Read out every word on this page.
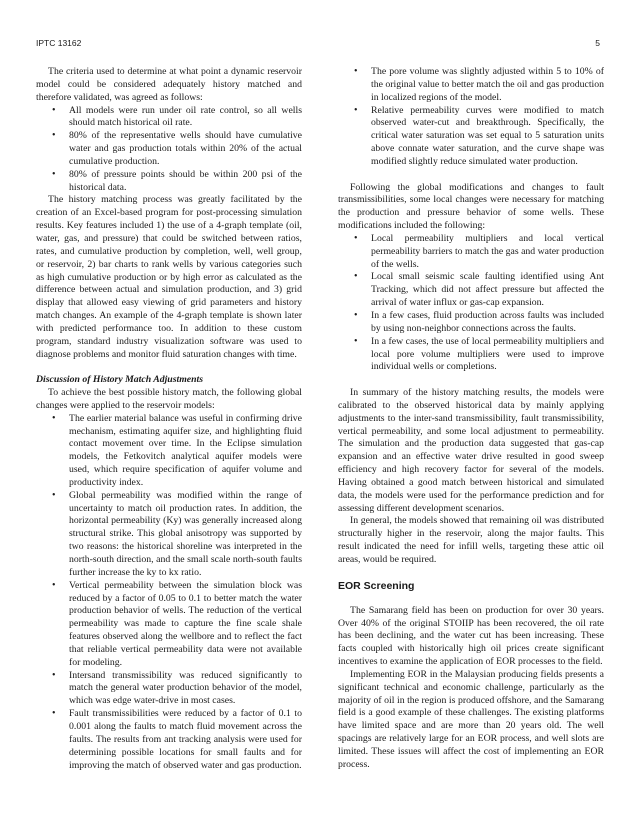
IPTC 13162	5

The criteria used to determine at what point a dynamic reservoir model could be considered adequately history matched and therefore validated, was agreed as follows:

• All models were run under oil rate control, so all wells should match historical oil rate.
• 80% of the representative wells should have cumulative water and gas production totals within 20% of the actual cumulative production.
• 80% of pressure points should be within 200 psi of the historical data.

The history matching process was greatly facilitated by the creation of an Excel-based program for post-processing simulation results. Key features included 1) the use of a 4-graph template (oil, water, gas, and pressure) that could be switched between ratios, rates, and cumulative production by completion, well, well group, or reservoir, 2) bar charts to rank wells by various categories such as high cumulative production or by high error as calculated as the difference between actual and simulation production, and 3) grid display that allowed easy viewing of grid parameters and history match changes. An example of the 4-graph template is shown later with predicted performance too. In addition to these custom program, standard industry visualization software was used to diagnose problems and monitor fluid saturation changes with time.

Discussion of History Match Adjustments

To achieve the best possible history match, the following global changes were applied to the reservoir models:

• The earlier material balance was useful in confirming drive mechanism, estimating aquifer size, and highlighting fluid contact movement over time. In the Eclipse simulation models, the Fetkovitch analytical aquifer models were used, which require specification of aquifer volume and productivity index.
• Global permeability was modified within the range of uncertainty to match oil production rates. In addition, the horizontal permeability (Ky) was generally increased along structural strike. This global anisotropy was supported by two reasons: the historical shoreline was interpreted in the north-south direction, and the small scale north-south faults further increase the ky to kx ratio.
• Vertical permeability between the simulation block was reduced by a factor of 0.05 to 0.1 to better match the water production behavior of wells. The reduction of the vertical permeability was made to capture the fine scale shale features observed along the wellbore and to reflect the fact that reliable vertical permeability data were not available for modeling.
• Intersand transmissibility was reduced significantly to match the general water production behavior of the model, which was edge water-drive in most cases.
• Fault transmissibilities were reduced by a factor of 0.1 to 0.001 along the faults to match fluid movement across the faults. The results from ant tracking analysis were used for determining possible locations for small faults and for improving the match of observed water and gas production.
• The pore volume was slightly adjusted within 5 to 10% of the original value to better match the oil and gas production in localized regions of the model.
• Relative permeability curves were modified to match observed water-cut and breakthrough. Specifically, the critical water saturation was set equal to 5 saturation units above connate water saturation, and the curve shape was modified slightly reduce simulated water production.

Following the global modifications and changes to fault transmissibilities, some local changes were necessary for matching the production and pressure behavior of some wells. These modifications included the following:

• Local permeability multipliers and local vertical permeability barriers to match the gas and water production of the wells.
• Local small seismic scale faulting identified using Ant Tracking, which did not affect pressure but affected the arrival of water influx or gas-cap expansion.
• In a few cases, fluid production across faults was included by using non-neighbor connections across the faults.
• In a few cases, the use of local permeability multipliers and local pore volume multipliers were used to improve individual wells or completions.

In summary of the history matching results, the models were calibrated to the observed historical data by mainly applying adjustments to the inter-sand transmissibility, fault transmissibility, vertical permeability, and some local adjustment to permeability. The simulation and the production data suggested that gas-cap expansion and an effective water drive resulted in good sweep efficiency and high recovery factor for several of the models. Having obtained a good match between historical and simulated data, the models were used for the performance prediction and for assessing different development scenarios.

In general, the models showed that remaining oil was distributed structurally higher in the reservoir, along the major faults. This result indicated the need for infill wells, targeting these attic oil areas, would be required.

EOR Screening

The Samarang field has been on production for over 30 years. Over 40% of the original STOIIP has been recovered, the oil rate has been declining, and the water cut has been increasing. These facts coupled with historically high oil prices create significant incentives to examine the application of EOR processes to the field.

Implementing EOR in the Malaysian producing fields presents a significant technical and economic challenge, particularly as the majority of oil in the region is produced offshore, and the Samarang field is a good example of these challenges. The existing platforms have limited space and are more than 20 years old. The well spacings are relatively large for an EOR process, and well slots are limited. These issues will affect the cost of implementing an EOR process.
